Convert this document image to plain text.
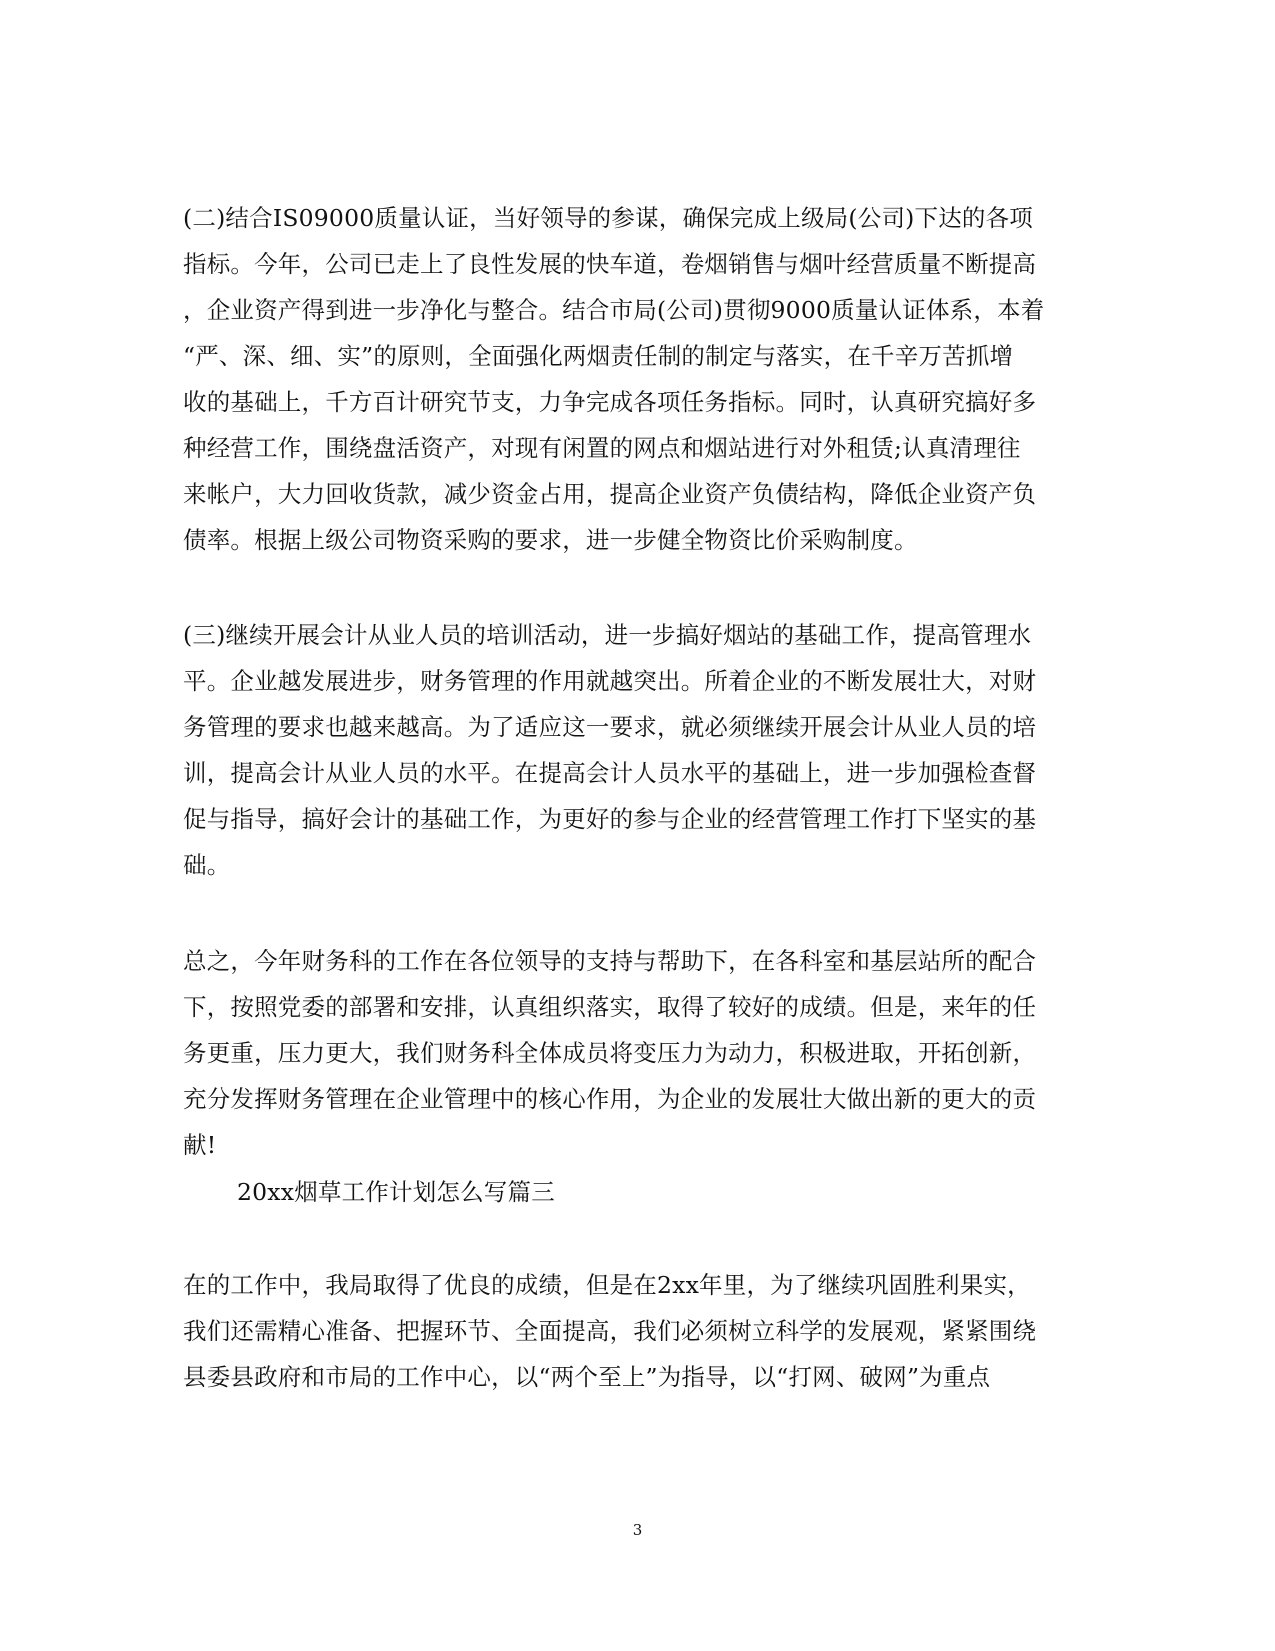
(二)结合IS09000质量认证，当好领导的参谋，确保完成上级局(公司)下达的各项
指标。今年，公司已走上了良性发展的快车道，卷烟销售与烟叶经营质量不断提高
，企业资产得到进一步净化与整合。结合市局(公司)贯彻9000质量认证体系，本着
“严、深、细、实”的原则，全面强化两烟责任制的制定与落实，在千辛万苦抓增
收的基础上，千方百计研究节支，力争完成各项任务指标。同时，认真研究搞好多
种经营工作，围绕盘活资产，对现有闲置的网点和烟站进行对外租赁;认真清理往
来帐户，大力回收货款，减少资金占用，提高企业资产负债结构，降低企业资产负
债率。根据上级公司物资采购的要求，进一步健全物资比价采购制度。
(三)继续开展会计从业人员的培训活动，进一步搞好烟站的基础工作，提高管理水
平。企业越发展进步，财务管理的作用就越突出。所着企业的不断发展壮大，对财
务管理的要求也越来越高。为了适应这一要求，就必须继续开展会计从业人员的培
训，提高会计从业人员的水平。在提高会计人员水平的基础上，进一步加强检查督
促与指导，搞好会计的基础工作，为更好的参与企业的经营管理工作打下坚实的基
础。
总之，今年财务科的工作在各位领导的支持与帮助下，在各科室和基层站所的配合
下，按照党委的部署和安排，认真组织落实，取得了较好的成绩。但是，来年的任
务更重，压力更大，我们财务科全体成员将变压力为动力，积极进取，开拓创新，
充分发挥财务管理在企业管理中的核心作用，为企业的发展壮大做出新的更大的贡
献!
20xx烟草工作计划怎么写篇三
在的工作中，我局取得了优良的成绩，但是在2xx年里，为了继续巩固胜利果实，
我们还需精心准备、把握环节、全面提高，我们必须树立科学的发展观，紧紧围绕
县委县政府和市局的工作中心，以“两个至上”为指导，以“打网、破网”为重点
3
